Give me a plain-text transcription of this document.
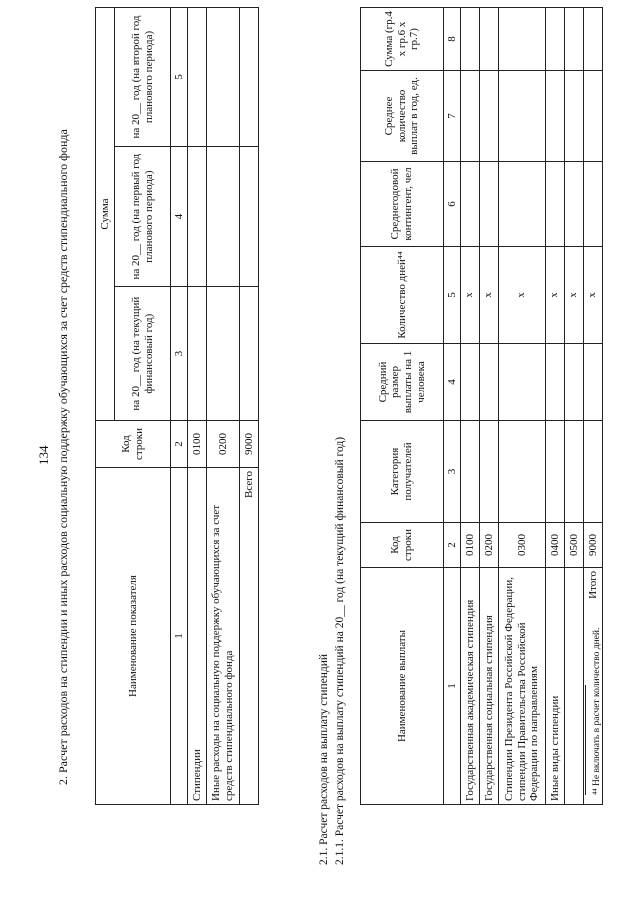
134 2. Расчет расходов на стипендии и иных расходов социальную поддержку обучающихся за счет средств стипендиального фонда	Наименование показателя	Код строки	Сумма		
		на 20__ год (на текущий финансовый год)	на 20__ год (на первый год планового периода)	на 20__ год (на второй год планового периода)
1	2	3	4	5
Стипендии	0100			
Иные расходы на социальную поддержку обучающихся за счет средств стипендиального фонда	0200			
Всего	9000			
2.1. Расчет расходов на выплату стипендий 2.1.1. Расчет расходов на выплату стипендий на 20__ год (на текущий финансовый год)	Наименование выплаты	Код строки	Категория получателей	Средний размер выплаты на 1 человека	Количество дней⁴⁴	Среднегодовой контингент, чел	Среднее количество выплат в год, ед.	Сумма (гр.4 х гр.6 х гр.7)
1	2	3	4	5	6	7	8
Государственная академическая стипендия	0100			x			
Государственная социальная стипендия	0200			x			
Стипендии Президента Российской Федерации, стипендии Правительства Российской Федерации по направлениям	0300			x			
Иные виды стипендии	0400			x			
	0500			x			
Итого	9000			x			
⁴⁴ Не включать в расчет количество дней.
